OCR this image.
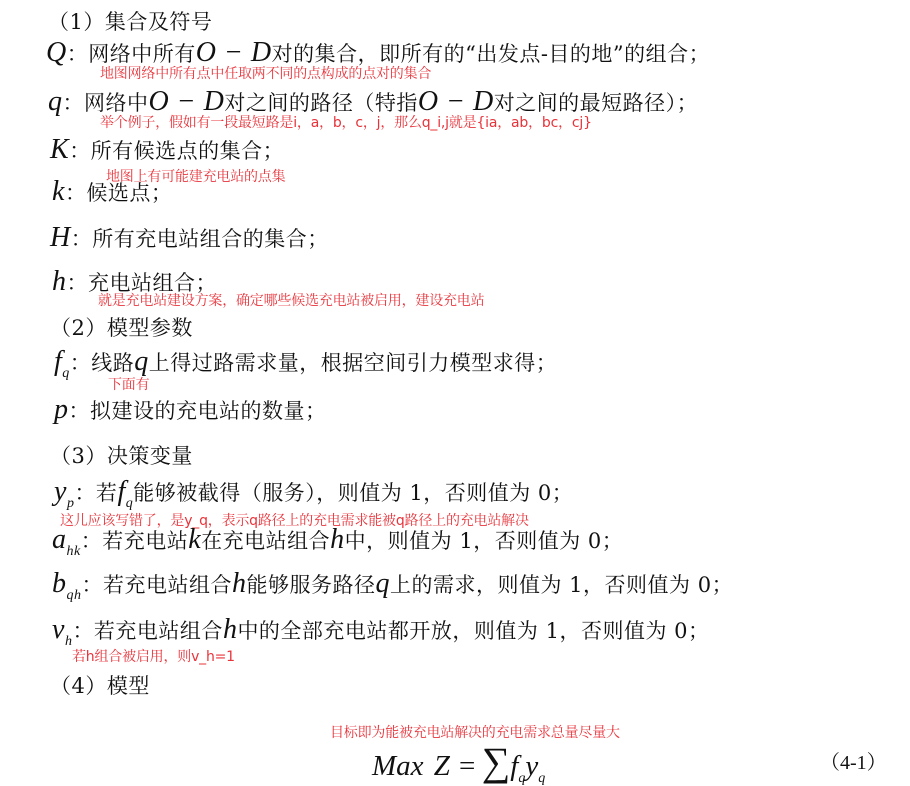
（1）集合及符号
Q：网络中所有O − D对的集合，即所有的“出发点-目的地”的组合；
地图网络中所有点中任取两不同的点构成的点对的集合
q：网络中O − D对之间的路径（特指O − D对之间的最短路径）；
举个例子，假如有一段最短路是i，a，b，c，j，那么q_i,j就是{ia，ab，bc，cj}
K：所有候选点的集合；
地图上有可能建充电站的点集
k：候选点；
H：所有充电站组合的集合；
h：充电站组合；
就是充电站建设方案，确定哪些候选充电站被启用，建设充电站
（2）模型参数
$f_q$：线路q上得过路需求量，根据空间引力模型求得；
下面有
p：拟建设的充电站的数量；
（3）决策变量
$y_p$：若$f_q$能够被截得（服务），则值为 1，否则值为 0；
这儿应该写错了，是y_q，表示q路径上的充电需求能被q路径上的充电站解决
$a_{hk}$：若充电站k在充电站组合h中，则值为 1，否则值为 0；
$b_{qh}$：若充电站组合h能够服务路径q上的需求，则值为 1，否则值为 0；
$v_h$：若充电站组合h中的全部充电站都开放，则值为 1，否则值为 0；
若h组合被启用，则v_h=1
（4）模型
目标即为能被充电站解决的充电需求总量尽量大
Max Z = ∑fqyq
（4-1）
